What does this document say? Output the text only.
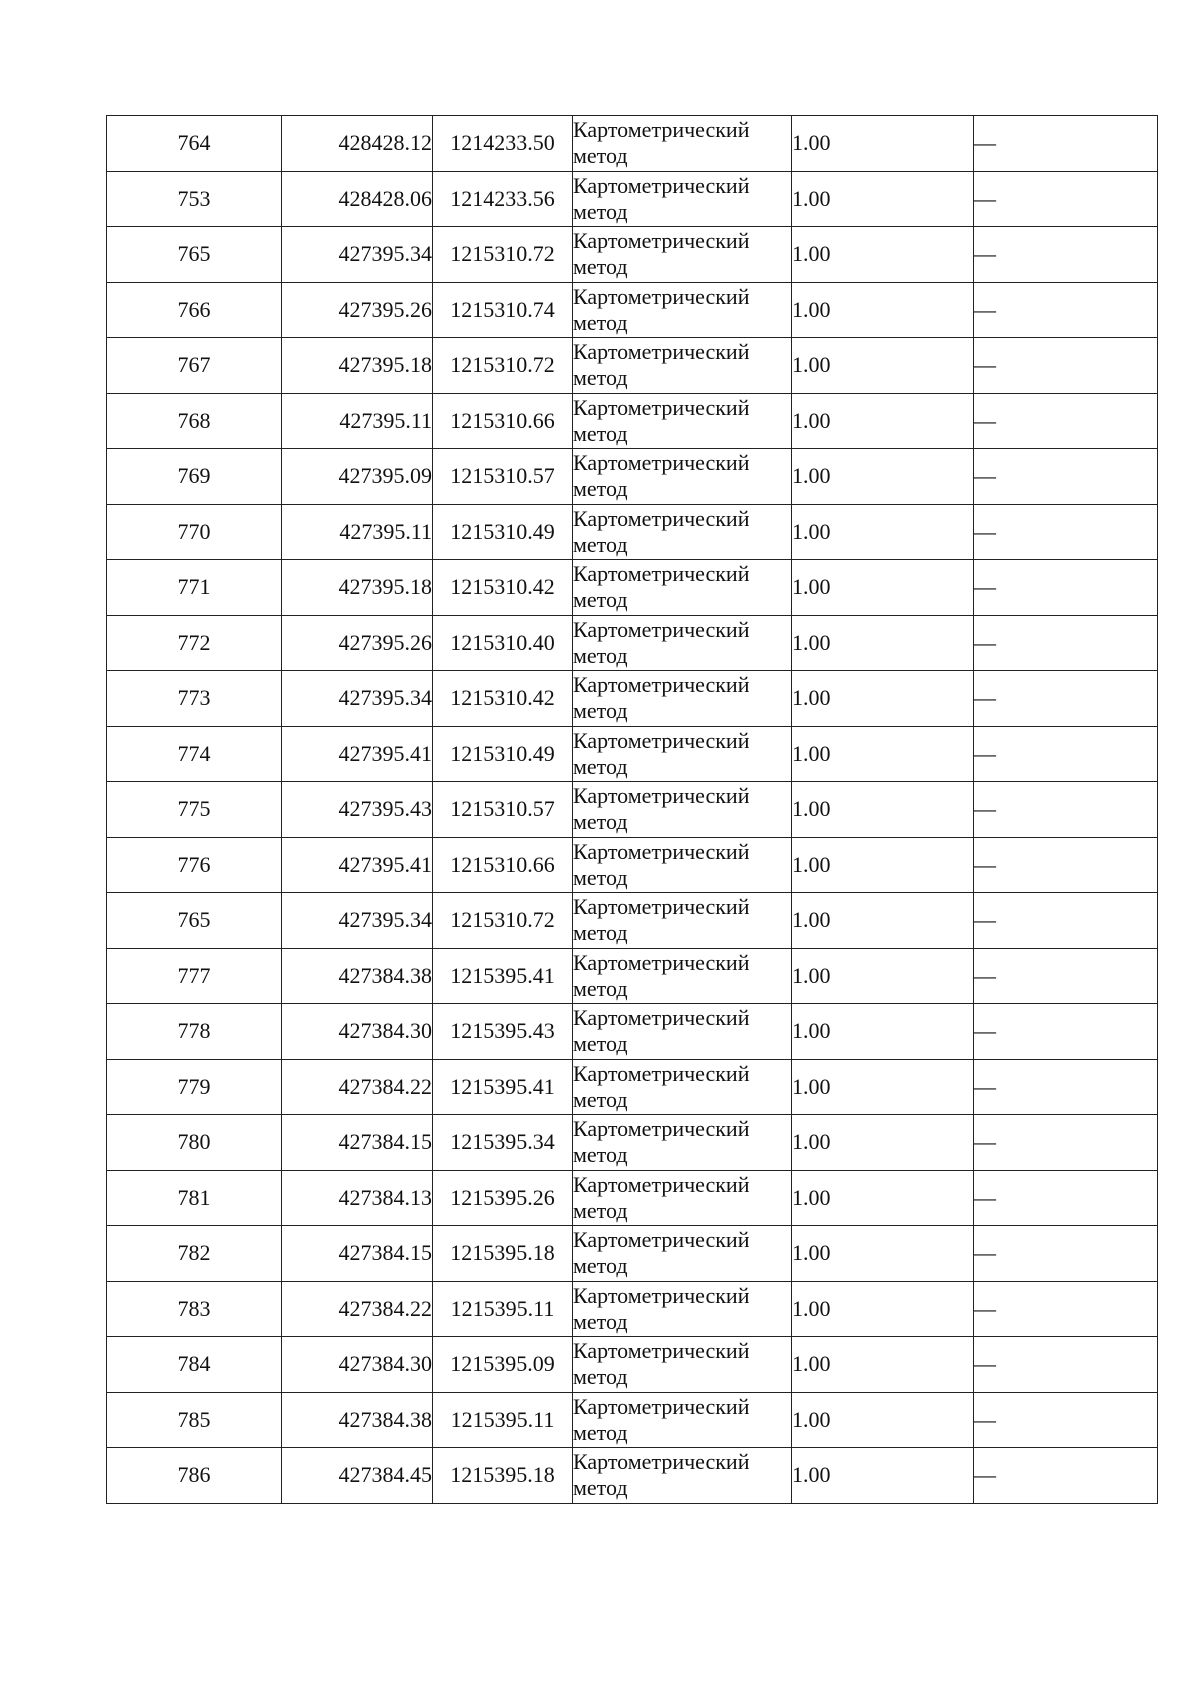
764	428428.12	1214233.50	Картометрический
метод	1.00	—
753	428428.06	1214233.56	Картометрический
метод	1.00	—
765	427395.34	1215310.72	Картометрический
метод	1.00	—
766	427395.26	1215310.74	Картометрический
метод	1.00	—
767	427395.18	1215310.72	Картометрический
метод	1.00	—
768	427395.11	1215310.66	Картометрический
метод	1.00	—
769	427395.09	1215310.57	Картометрический
метод	1.00	—
770	427395.11	1215310.49	Картометрический
метод	1.00	—
771	427395.18	1215310.42	Картометрический
метод	1.00	—
772	427395.26	1215310.40	Картометрический
метод	1.00	—
773	427395.34	1215310.42	Картометрический
метод	1.00	—
774	427395.41	1215310.49	Картометрический
метод	1.00	—
775	427395.43	1215310.57	Картометрический
метод	1.00	—
776	427395.41	1215310.66	Картометрический
метод	1.00	—
765	427395.34	1215310.72	Картометрический
метод	1.00	—
777	427384.38	1215395.41	Картометрический
метод	1.00	—
778	427384.30	1215395.43	Картометрический
метод	1.00	—
779	427384.22	1215395.41	Картометрический
метод	1.00	—
780	427384.15	1215395.34	Картометрический
метод	1.00	—
781	427384.13	1215395.26	Картометрический
метод	1.00	—
782	427384.15	1215395.18	Картометрический
метод	1.00	—
783	427384.22	1215395.11	Картометрический
метод	1.00	—
784	427384.30	1215395.09	Картометрический
метод	1.00	—
785	427384.38	1215395.11	Картометрический
метод	1.00	—
786	427384.45	1215395.18	Картометрический
метод	1.00	—
